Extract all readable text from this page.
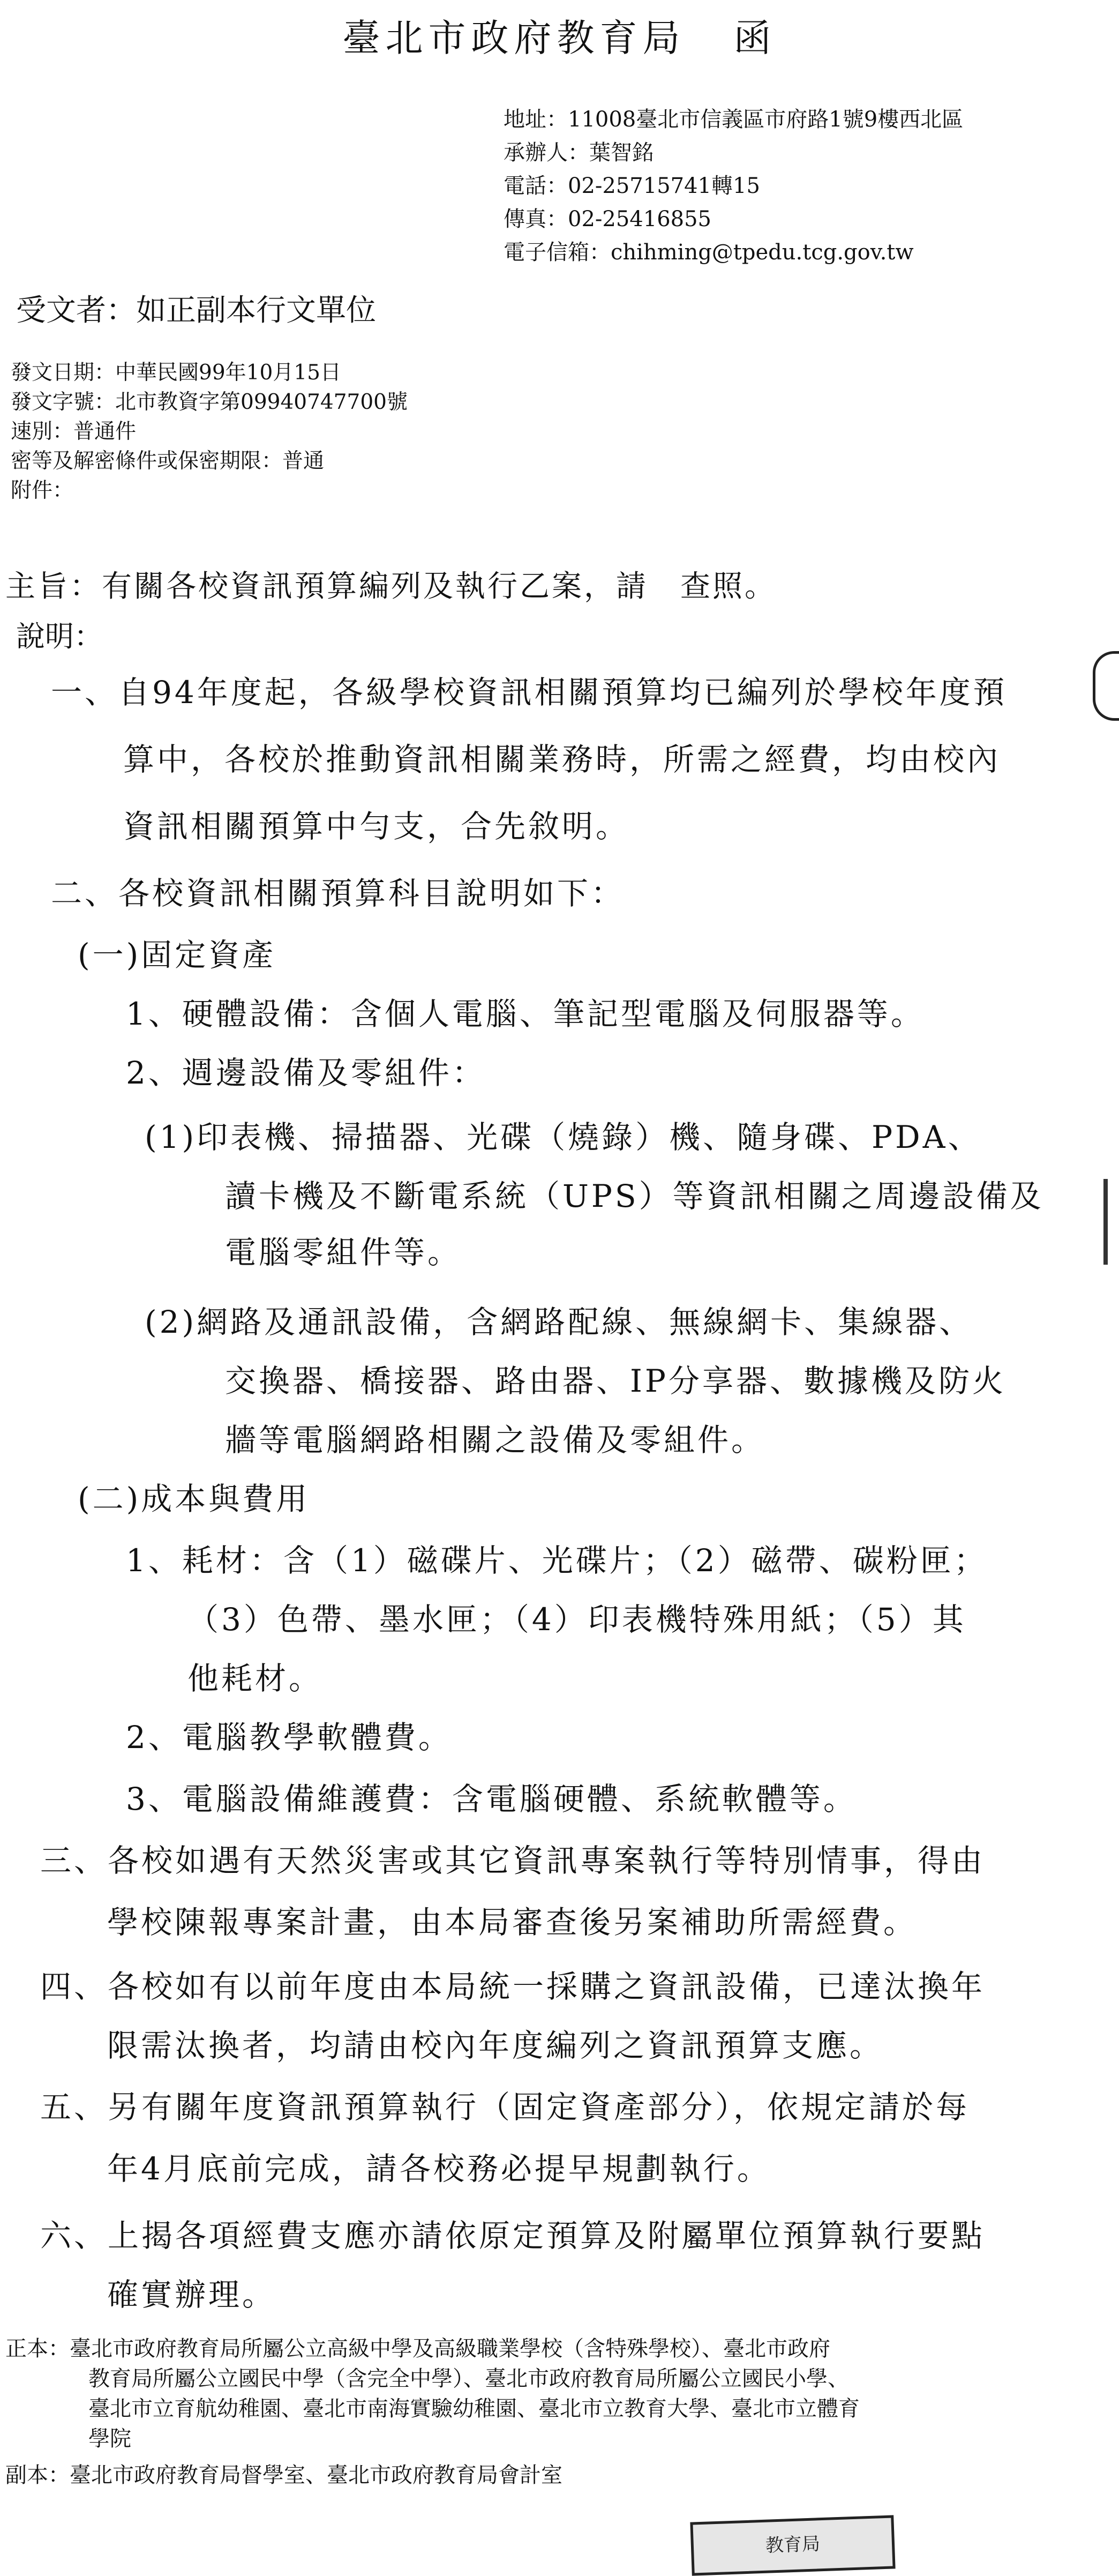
臺北市政府教育局 函
地址：11008臺北市信義區市府路1號9樓西北區
承辦人：葉智銘
電話：02-25715741轉15
傳真：02-25416855
電子信箱：chihming@tpedu.tcg.gov.tw
受文者：如正副本行文單位
發文日期：中華民國99年10月15日
發文字號：北市教資字第09940747700號
速別：普通件
密等及解密條件或保密期限：普通
附件：
主旨：有關各校資訊預算編列及執行乙案，請 查照。
說明：
一、自94年度起，各級學校資訊相關預算均已編列於學校年度預
算中，各校於推動資訊相關業務時，所需之經費，均由校內
資訊相關預算中勻支，合先敘明。
二、各校資訊相關預算科目說明如下：
(一)固定資產
1、硬體設備：含個人電腦、筆記型電腦及伺服器等。
2、週邊設備及零組件：
(1)印表機、掃描器、光碟（燒錄）機、隨身碟、PDA、
讀卡機及不斷電系統（UPS）等資訊相關之周邊設備及
電腦零組件等。
(2)網路及通訊設備，含網路配線、無線網卡、集線器、
交換器、橋接器、路由器、IP分享器、數據機及防火
牆等電腦網路相關之設備及零組件。
(二)成本與費用
1、耗材：含（1）磁碟片、光碟片；（2）磁帶、碳粉匣；
（3）色帶、墨水匣；（4）印表機特殊用紙；（5）其
他耗材。
2、電腦教學軟體費。
3、電腦設備維護費：含電腦硬體、系統軟體等。
三、各校如遇有天然災害或其它資訊專案執行等特別情事，得由
學校陳報專案計畫，由本局審查後另案補助所需經費。
四、各校如有以前年度由本局統一採購之資訊設備，已達汰換年
限需汰換者，均請由校內年度編列之資訊預算支應。
五、另有關年度資訊預算執行（固定資產部分），依規定請於每
年4月底前完成，請各校務必提早規劃執行。
六、上揭各項經費支應亦請依原定預算及附屬單位預算執行要點
確實辦理。
正本：臺北市政府教育局所屬公立高級中學及高級職業學校（含特殊學校）、臺北市政府
教育局所屬公立國民中學（含完全中學）、臺北市政府教育局所屬公立國民小學、
臺北市立育航幼稚園、臺北市南海實驗幼稚園、臺北市立教育大學、臺北市立體育
學院
副本：臺北市政府教育局督學室、臺北市政府教育局會計室
教育局
